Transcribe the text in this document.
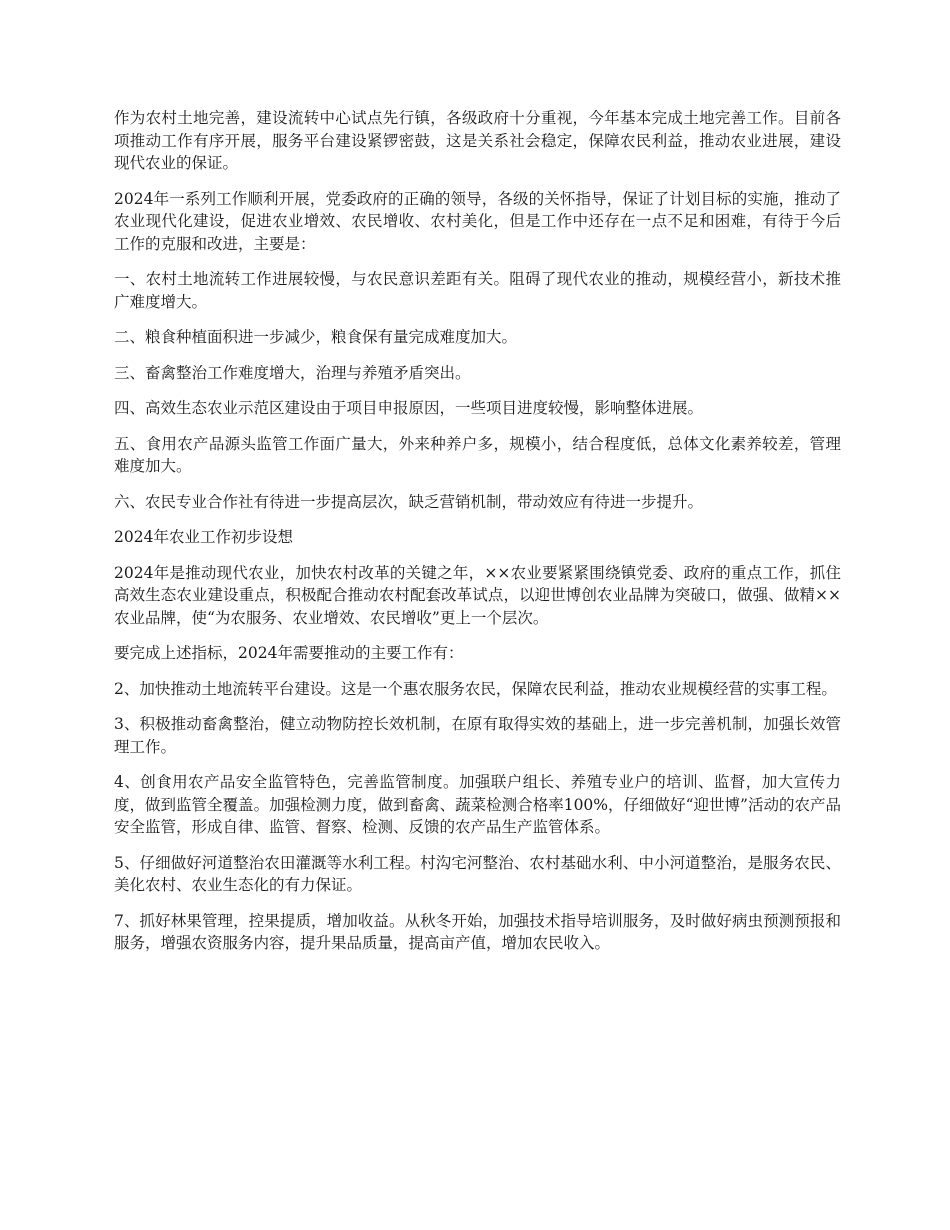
作为农村土地完善，建设流转中心试点先行镇，各级政府十分重视，今年基本完成土地完善工作。目前各项推动工作有序开展，服务平台建设紧锣密鼓，这是关系社会稳定，保障农民利益，推动农业进展，建设现代农业的保证。

2024年一系列工作顺利开展，党委政府的正确的领导，各级的关怀指导，保证了计划目标的实施，推动了农业现代化建设，促进农业增效、农民增收、农村美化，但是工作中还存在一点不足和困难，有待于今后工作的克服和改进，主要是：

一、农村土地流转工作进展较慢，与农民意识差距有关。阻碍了现代农业的推动，规模经营小，新技术推广难度增大。

二、粮食种植面积进一步减少，粮食保有量完成难度加大。

三、畜禽整治工作难度增大，治理与养殖矛盾突出。

四、高效生态农业示范区建设由于项目申报原因，一些项目进度较慢，影响整体进展。

五、食用农产品源头监管工作面广量大，外来种养户多，规模小，结合程度低，总体文化素养较差，管理难度加大。

六、农民专业合作社有待进一步提高层次，缺乏营销机制，带动效应有待进一步提升。

2024年农业工作初步设想

2024年是推动现代农业，加快农村改革的关键之年，××农业要紧紧围绕镇党委、政府的重点工作，抓住高效生态农业建设重点，积极配合推动农村配套改革试点，以迎世博创农业品牌为突破口，做强、做精××农业品牌，使“为农服务、农业增效、农民增收”更上一个层次。

要完成上述指标，2024年需要推动的主要工作有：

2、加快推动土地流转平台建设。这是一个惠农服务农民，保障农民利益，推动农业规模经营的实事工程。

3、积极推动畜禽整治，健立动物防控长效机制，在原有取得实效的基础上，进一步完善机制，加强长效管理工作。

4、创食用农产品安全监管特色，完善监管制度。加强联户组长、养殖专业户的培训、监督，加大宣传力度，做到监管全覆盖。加强检测力度，做到畜禽、蔬菜检测合格率100%，仔细做好“迎世博”活动的农产品安全监管，形成自律、监管、督察、检测、反馈的农产品生产监管体系。

5、仔细做好河道整治农田灌溉等水利工程。村沟宅河整治、农村基础水利、中小河道整治，是服务农民、美化农村、农业生态化的有力保证。

7、抓好林果管理，控果提质，增加收益。从秋冬开始，加强技术指导培训服务，及时做好病虫预测预报和服务，增强农资服务内容，提升果品质量，提高亩产值，增加农民收入。
